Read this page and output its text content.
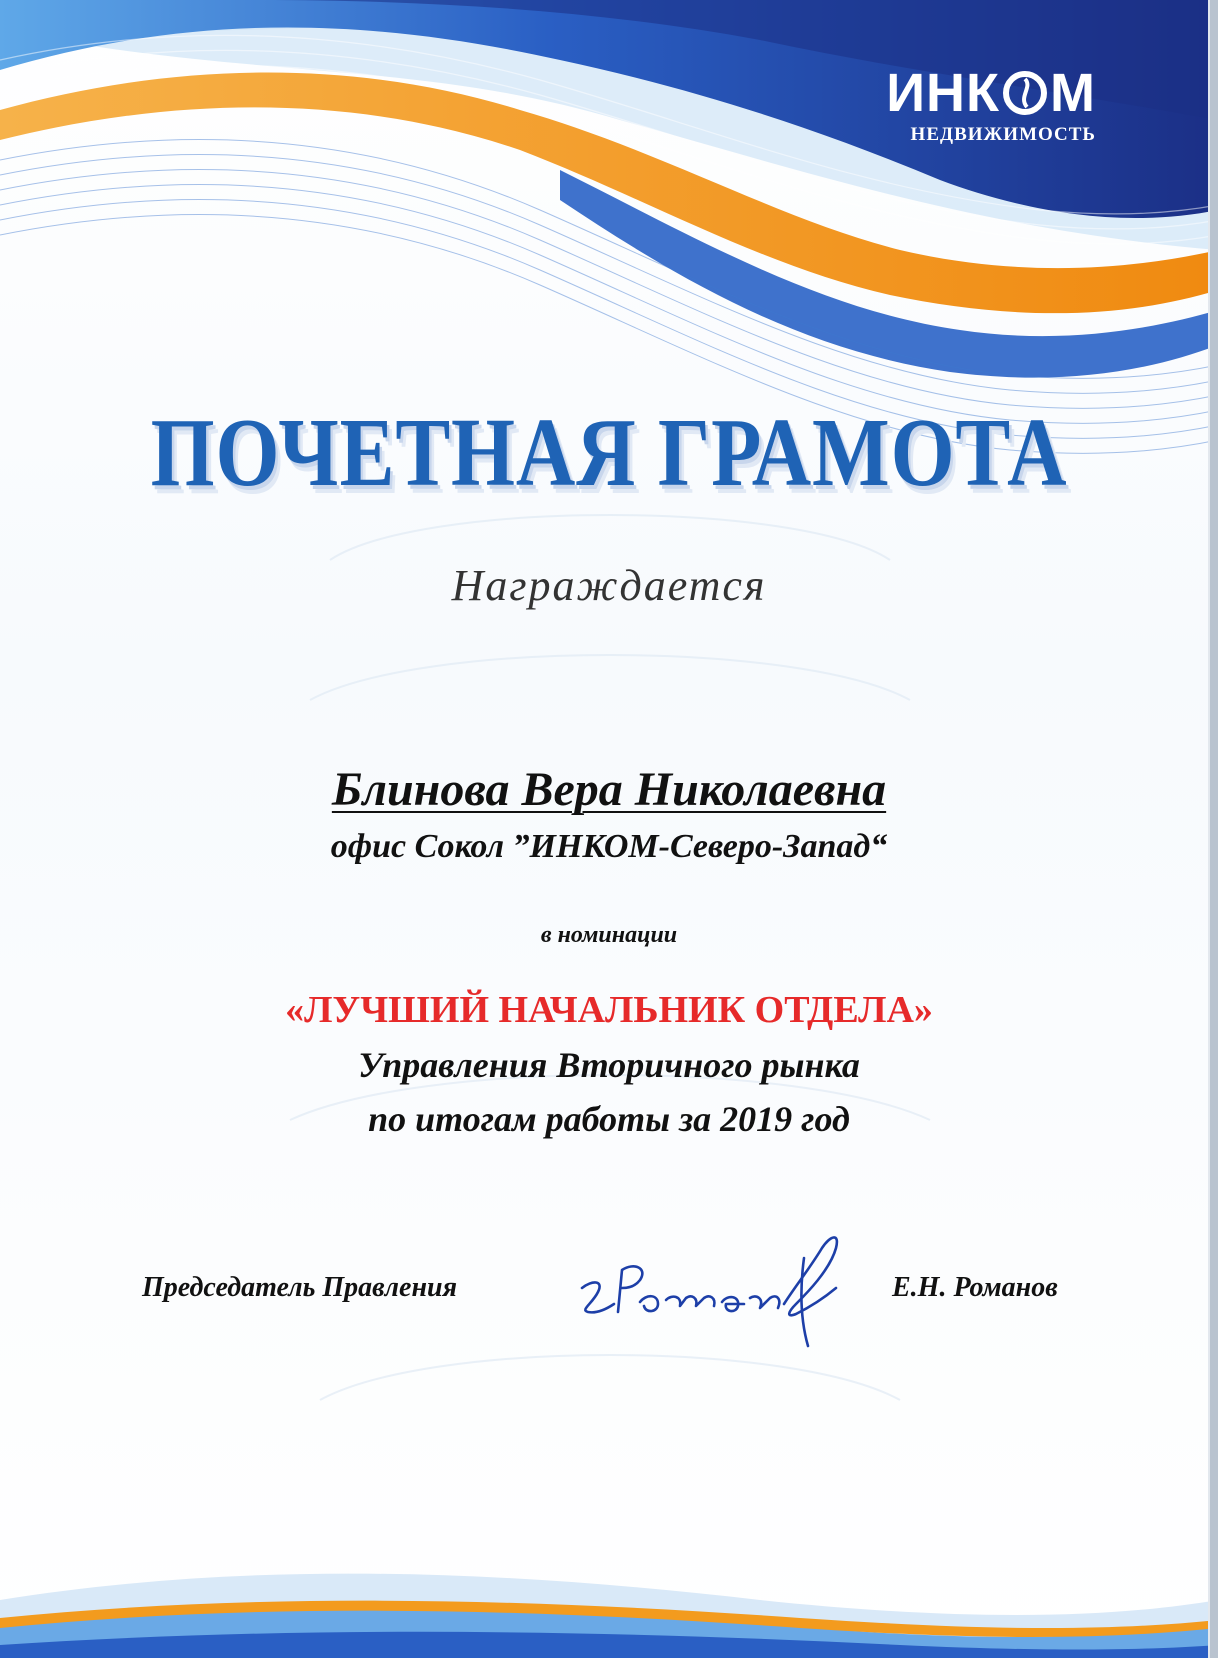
ИНК М
НЕДВИЖИМОСТЬ
ПОЧЕТНАЯ ГРАМОТА
Награждается
Блинова Вера Николаевна
офис Сокол ”ИНКОМ-Северо-Запад“
в номинации
«ЛУЧШИЙ НАЧАЛЬНИК ОТДЕЛА»
Управления Вторичного рынка
по итогам работы за 2019 год
Председатель Правления	Е.Н. Романов
